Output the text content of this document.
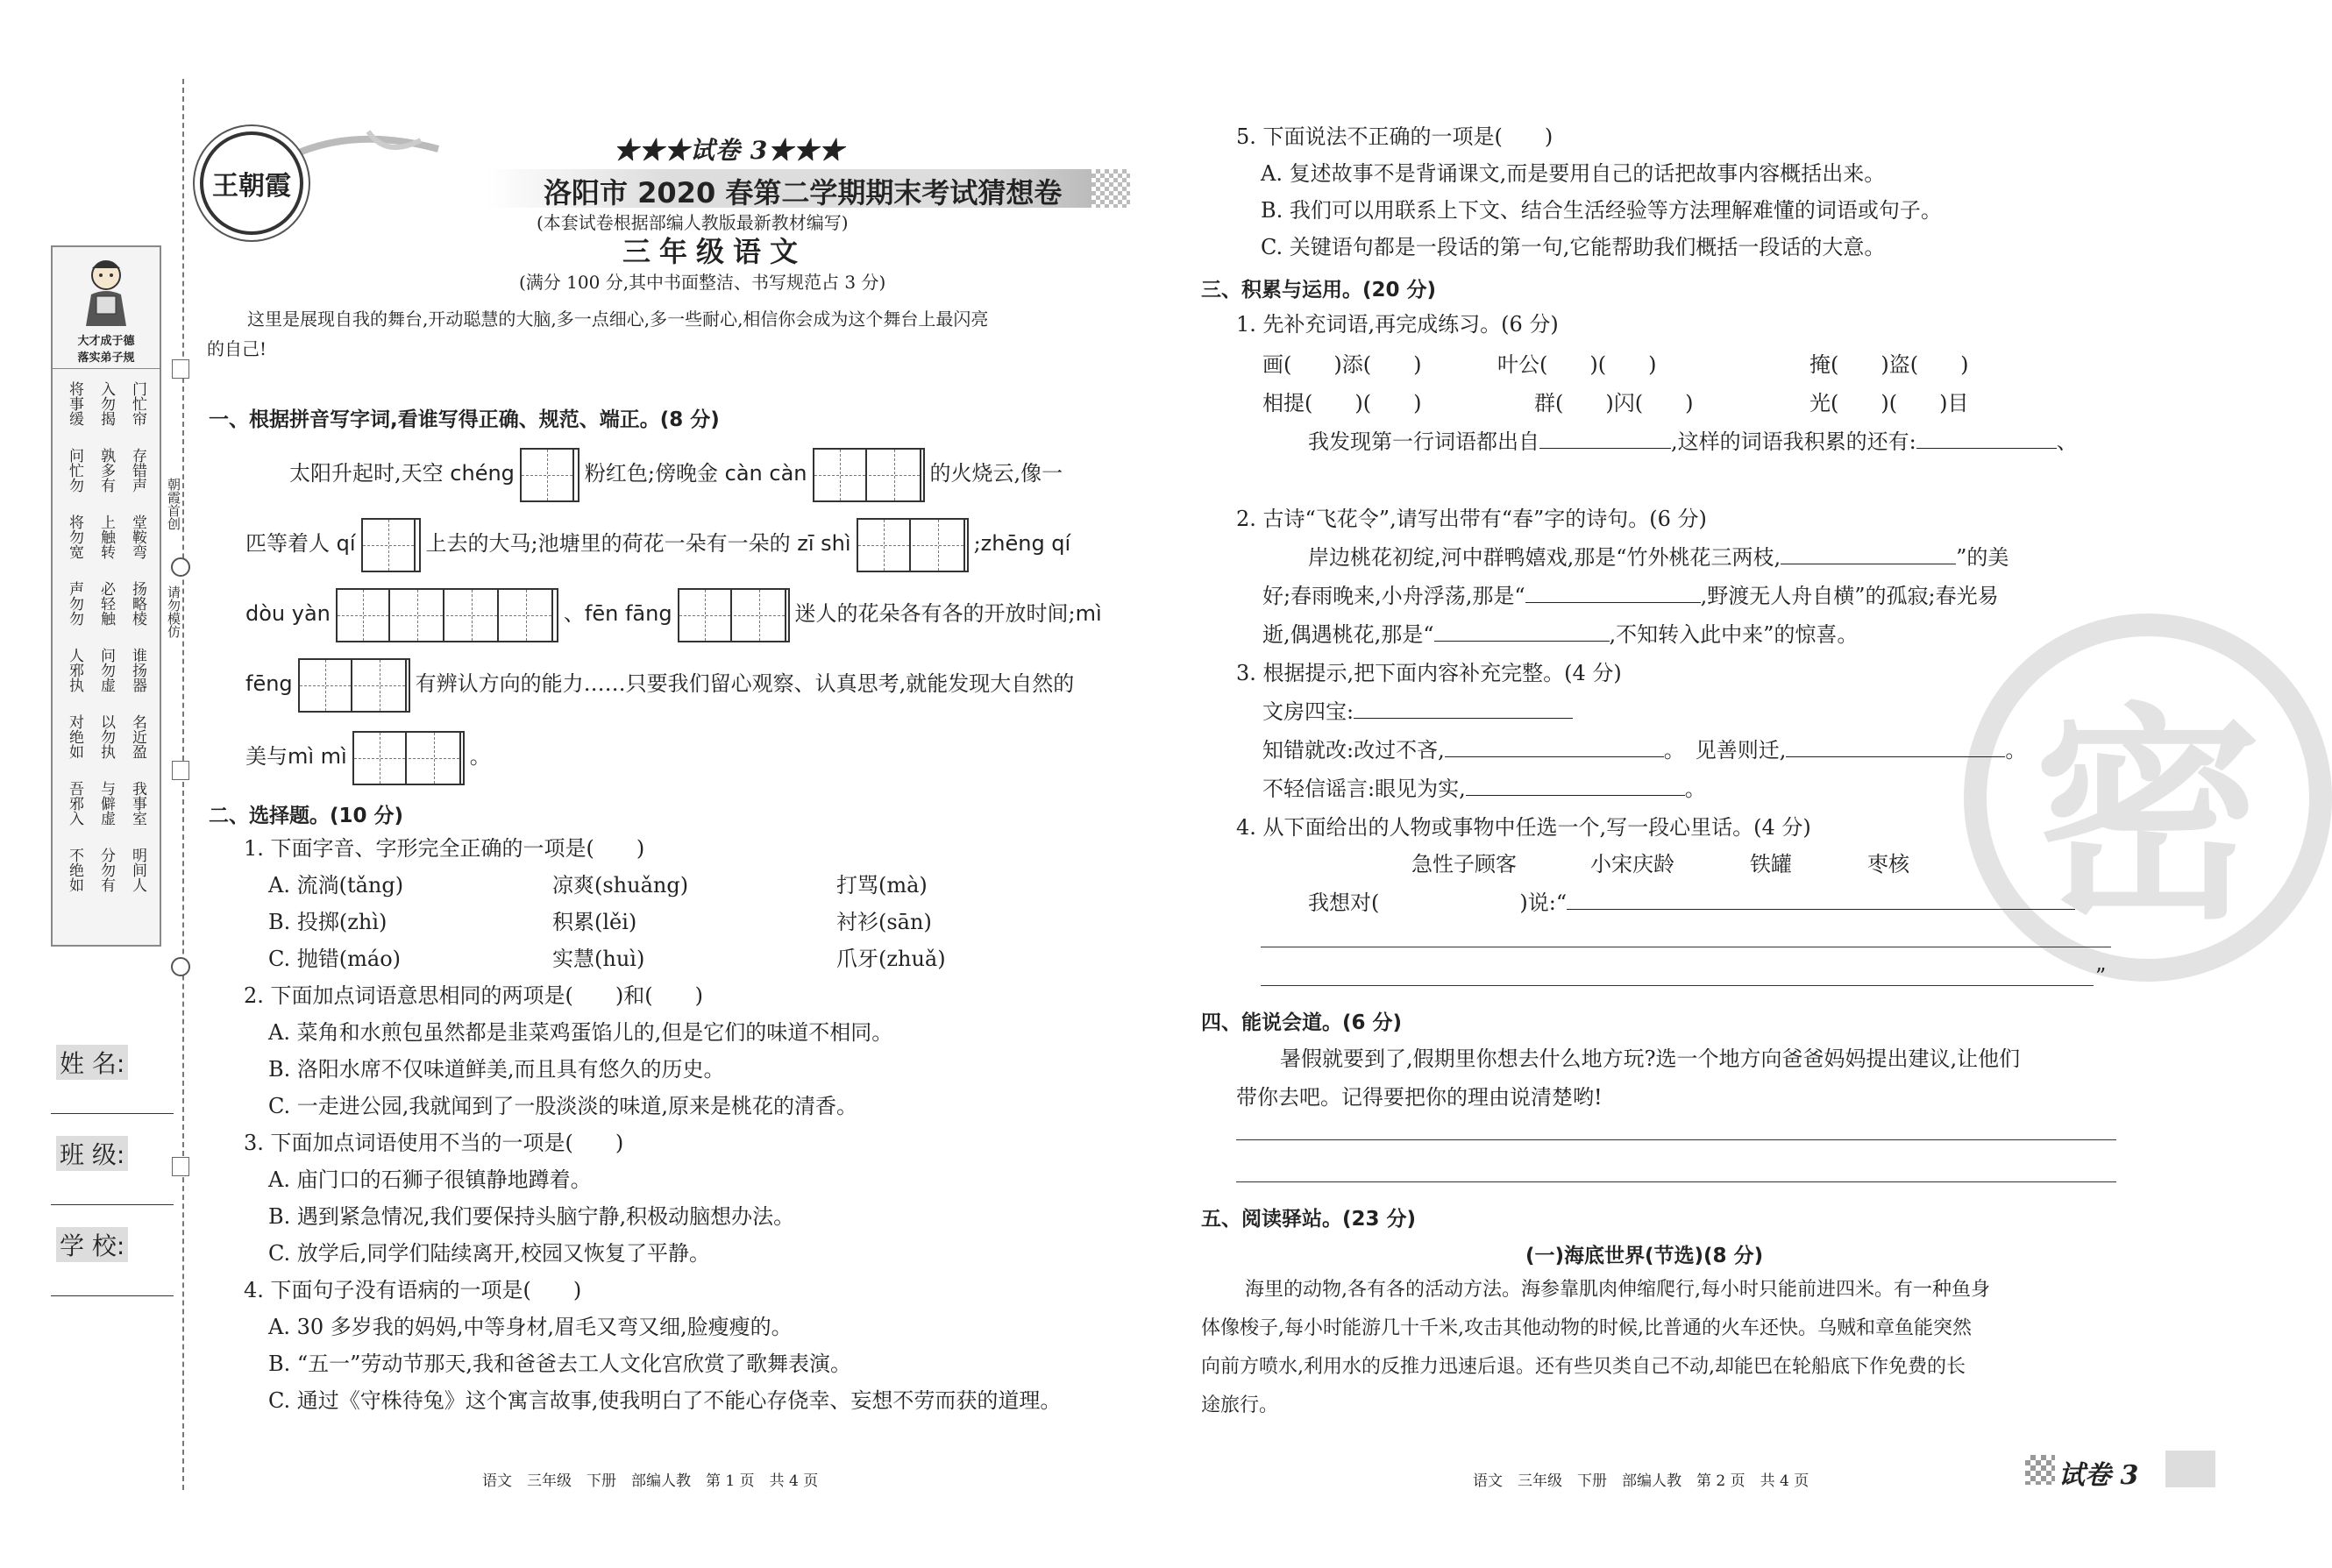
朝霞首创
请勿模仿
大才成于德
落实弟子规
将事缓 入勿揭 门忙帘
问忙勿 孰多有 存错声
将勿宽 上触转 堂鞍弯
声勿勿 必轻触 扬略棱
人邪执 问勿虚 谁扬器
对绝如 以勿执 名近盈
吾邪入 与僻虚 我事室
不绝如 分勿有 明间人
姓 名:
班 级:
学 校:
王朝霞
★★★试卷 3★★★
洛阳市 2020 春第二学期期末考试猜想卷
(本套试卷根据部编人教版最新教材编写)
三年级语文
(满分 100 分,其中书面整洁、书写规范占 3 分)
这里是展现自我的舞台,开动聪慧的大脑,多一点细心,多一些耐心,相信你会成为这个舞台上最闪亮
的自己!
一、根据拼音写字词,看谁写得正确、规范、端正。(8 分)
太阳升起时,天空 chéng	粉红色;傍晚金 càn càn	的火烧云,像一
匹等着人 qí	上去的大马;池塘里的荷花一朵有一朵的 zī shì	;zhēng qí
dòu yàn	、fēn fāng	迷人的花朵各有各的开放时间;mì
fēng	有辨认方向的能力……只要我们留心观察、认真思考,就能发现大自然的
美与mì mì	。
二、选择题。(10 分)
1. 下面字音、字形完全正确的一项是(　　)
A. 流淌(tǎng)	凉爽(shuǎng)	打骂(mà)
B. 投掷(zhì)	积累(lěi)	衬衫(sān)
C. 抛错(máo)	实慧(huì)	爪牙(zhuǎ)
2. 下面加点词语意思相同的两项是(　　)和(　　)
A. 菜角和水煎包虽然都是韭菜鸡蛋馅儿的,但是它们的味道不相同。
B. 洛阳水席不仅味道鲜美,而且具有悠久的历史。
C. 一走进公园,我就闻到了一股淡淡的味道,原来是桃花的清香。
3. 下面加点词语使用不当的一项是(　　)
A. 庙门口的石狮子很镇静地蹲着。
B. 遇到紧急情况,我们要保持头脑宁静,积极动脑想办法。
C. 放学后,同学们陆续离开,校园又恢复了平静。
4. 下面句子没有语病的一项是(　　)
A. 30 多岁我的妈妈,中等身材,眉毛又弯又细,脸瘦瘦的。
B. “五一”劳动节那天,我和爸爸去工人文化宫欣赏了歌舞表演。
C. 通过《守株待兔》这个寓言故事,使我明白了不能心存侥幸、妄想不劳而获的道理。
语文　三年级　下册　部编人教　第 1 页　共 4 页
密
5. 下面说法不正确的一项是(　　)
A. 复述故事不是背诵课文,而是要用自己的话把故事内容概括出来。
B. 我们可以用联系上下文、结合生活经验等方法理解难懂的词语或句子。
C. 关键语句都是一段话的第一句,它能帮助我们概括一段话的大意。
三、积累与运用。(20 分)
1. 先补充词语,再完成练习。(6 分)
画(　　)添(　　)	叶公(　　)(　　)	掩(　　)盗(　　)
相提(　　)(　　)	群(　　)闪(　　)	光(　　)(　　)目
我发现第一行词语都出自	,这样的词语我积累的还有:	、
2. 古诗“飞花令”,请写出带有“春”字的诗句。(6 分)
岸边桃花初绽,河中群鸭嬉戏,那是“竹外桃花三两枝,	”的美
好;春雨晚来,小舟浮荡,那是“	,野渡无人舟自横”的孤寂;春光易
逝,偶遇桃花,那是“	,不知转入此中来”的惊喜。
3. 根据提示,把下面内容补充完整。(4 分)
文房四宝:
知错就改:改过不吝,	。　见善则迁,	。
不轻信谣言:眼见为实,	。
4. 从下面给出的人物或事物中任选一个,写一段心里话。(4 分)
急性子顾客	小宋庆龄	铁罐	枣核
我想对(	)说:“
”
四、能说会道。(6 分)
暑假就要到了,假期里你想去什么地方玩?选一个地方向爸爸妈妈提出建议,让他们
带你去吧。记得要把你的理由说清楚哟!
五、阅读驿站。(23 分)
(一)海底世界(节选)(8 分)
海里的动物,各有各的活动方法。海参靠肌肉伸缩爬行,每小时只能前进四米。有一种鱼身
体像梭子,每小时能游几十千米,攻击其他动物的时候,比普通的火车还快。乌贼和章鱼能突然
向前方喷水,利用水的反推力迅速后退。还有些贝类自己不动,却能巴在轮船底下作免费的长
途旅行。
语文　三年级　下册　部编人教　第 2 页　共 4 页	试卷 3
